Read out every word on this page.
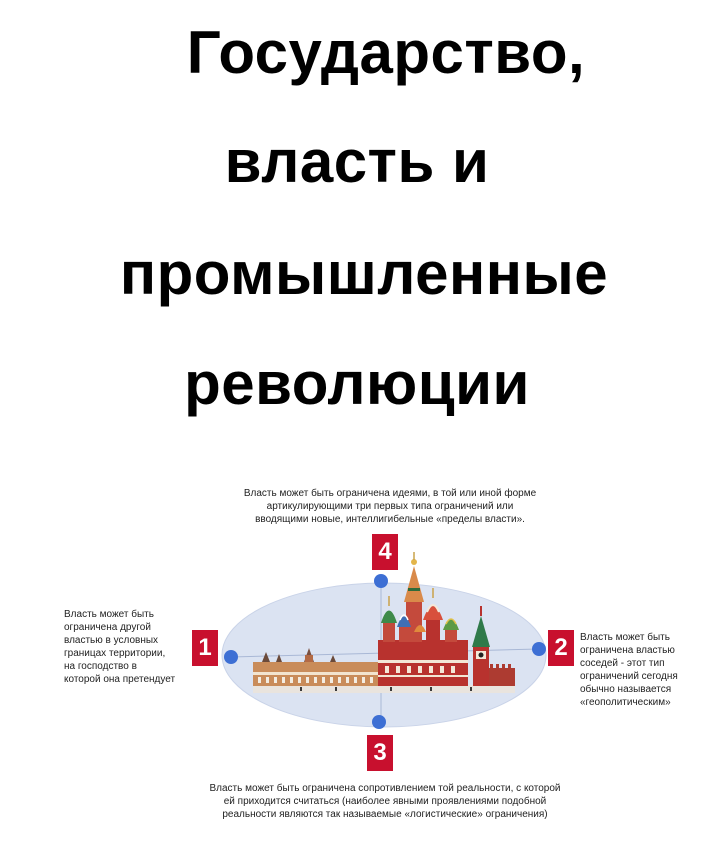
Государство,
власть и
промышленные
революции
4
1	2
3
Власть может быть ограничена идеями, в той или иной форме
артикулирующими три первых типа ограничений или
вводящими новые, интеллигибельные «пределы власти».
Власть может быть
ограничена другой
властью в условных
границах территории,
на господство в
которой она претендует
Власть может быть
ограничена властью
соседей - этот тип
ограничений сегодня
обычно называется
«геополитическим»
Власть может быть ограничена сопротивлением той реальности, с которой
ей приходится считаться (наиболее явными проявлениями подобной
реальности являются так называемые «логистические» ограничения)
